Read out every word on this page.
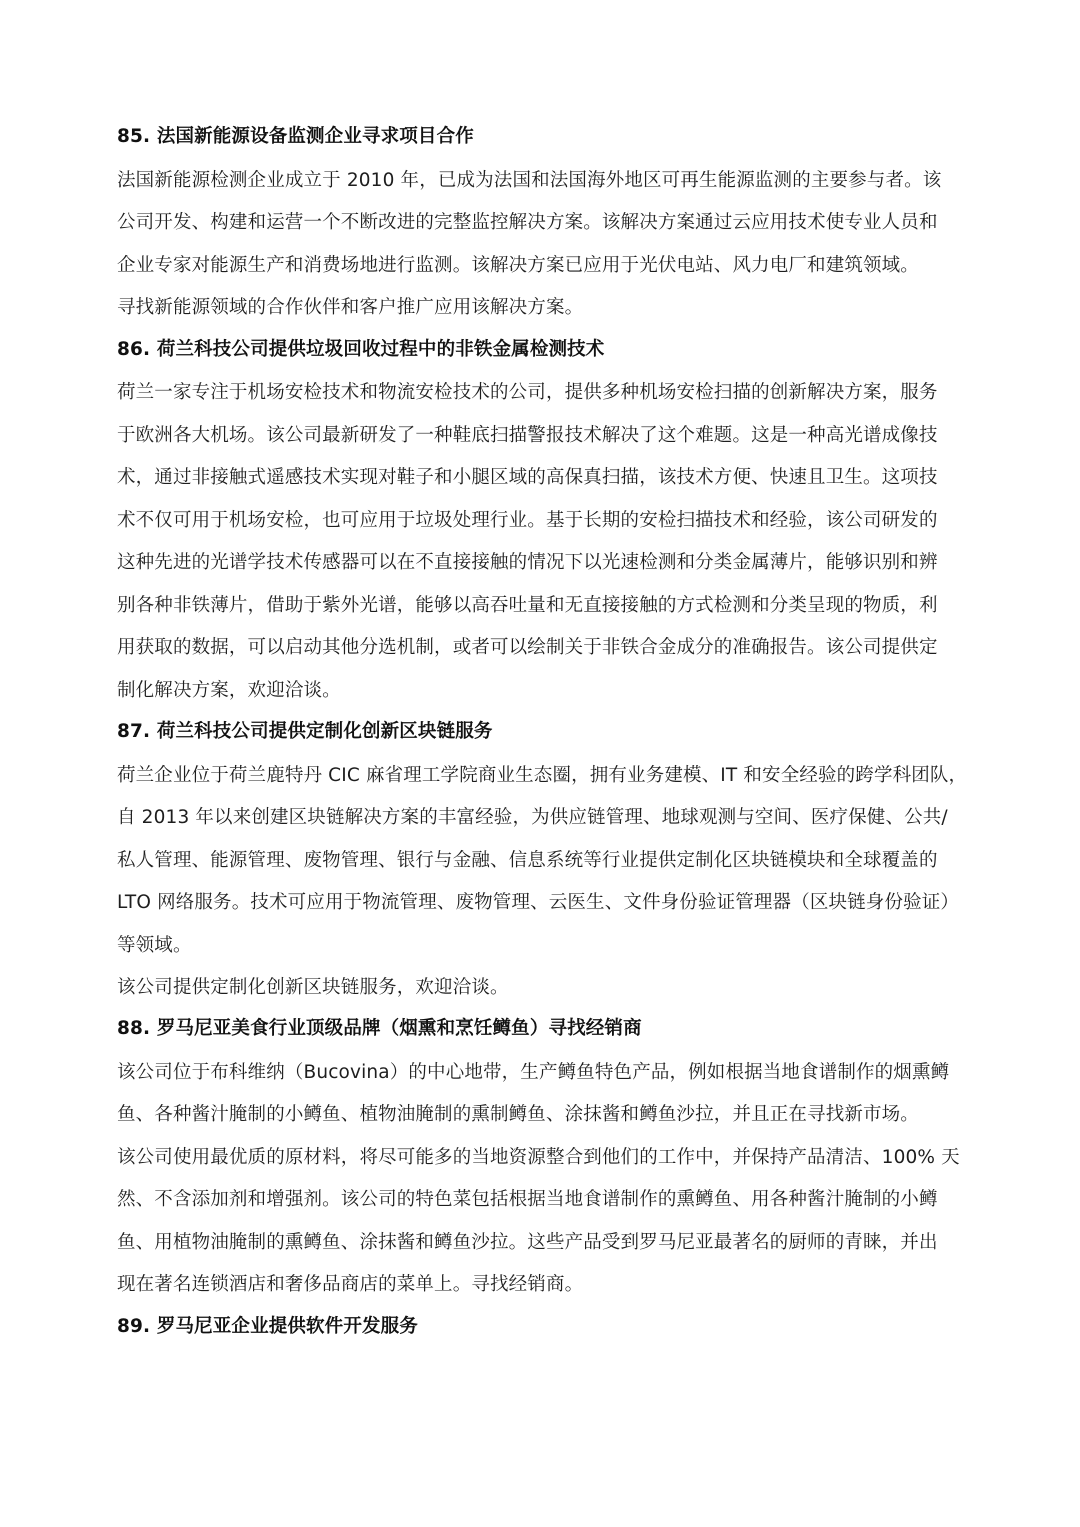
85. 法国新能源设备监测企业寻求项目合作
法国新能源检测企业成立于 2010 年，已成为法国和法国海外地区可再生能源监测的主要参与者。该
公司开发、构建和运营一个不断改进的完整监控解决方案。该解决方案通过云应用技术使专业人员和
企业专家对能源生产和消费场地进行监测。该解决方案已应用于光伏电站、风力电厂和建筑领域。
寻找新能源领域的合作伙伴和客户推广应用该解决方案。
86. 荷兰科技公司提供垃圾回收过程中的非铁金属检测技术
荷兰一家专注于机场安检技术和物流安检技术的公司，提供多种机场安检扫描的创新解决方案，服务
于欧洲各大机场。该公司最新研发了一种鞋底扫描警报技术解决了这个难题。这是一种高光谱成像技
术，通过非接触式遥感技术实现对鞋子和小腿区域的高保真扫描，该技术方便、快速且卫生。这项技
术不仅可用于机场安检，也可应用于垃圾处理行业。基于长期的安检扫描技术和经验，该公司研发的
这种先进的光谱学技术传感器可以在不直接接触的情况下以光速检测和分类金属薄片，能够识别和辨
别各种非铁薄片，借助于紫外光谱，能够以高吞吐量和无直接接触的方式检测和分类呈现的物质，利
用获取的数据，可以启动其他分选机制，或者可以绘制关于非铁合金成分的准确报告。该公司提供定
制化解决方案，欢迎洽谈。
87. 荷兰科技公司提供定制化创新区块链服务
荷兰企业位于荷兰鹿特丹 CIC 麻省理工学院商业生态圈，拥有业务建模、IT 和安全经验的跨学科团队，
自 2013 年以来创建区块链解决方案的丰富经验，为供应链管理、地球观测与空间、医疗保健、公共/
私人管理、能源管理、废物管理、银行与金融、信息系统等行业提供定制化区块链模块和全球覆盖的
LTO 网络服务。技术可应用于物流管理、废物管理、云医生、文件身份验证管理器（区块链身份验证）
等领域。
该公司提供定制化创新区块链服务，欢迎洽谈。
88. 罗马尼亚美食行业顶级品牌（烟熏和烹饪鳟鱼）寻找经销商
该公司位于布科维纳（Bucovina）的中心地带，生产鳟鱼特色产品，例如根据当地食谱制作的烟熏鳟
鱼、各种酱汁腌制的小鳟鱼、植物油腌制的熏制鳟鱼、涂抹酱和鳟鱼沙拉，并且正在寻找新市场。
该公司使用最优质的原材料，将尽可能多的当地资源整合到他们的工作中，并保持产品清洁、100% 天
然、不含添加剂和增强剂。该公司的特色菜包括根据当地食谱制作的熏鳟鱼、用各种酱汁腌制的小鳟
鱼、用植物油腌制的熏鳟鱼、涂抹酱和鳟鱼沙拉。这些产品受到罗马尼亚最著名的厨师的青睐，并出
现在著名连锁酒店和奢侈品商店的菜单上。寻找经销商。
89. 罗马尼亚企业提供软件开发服务
